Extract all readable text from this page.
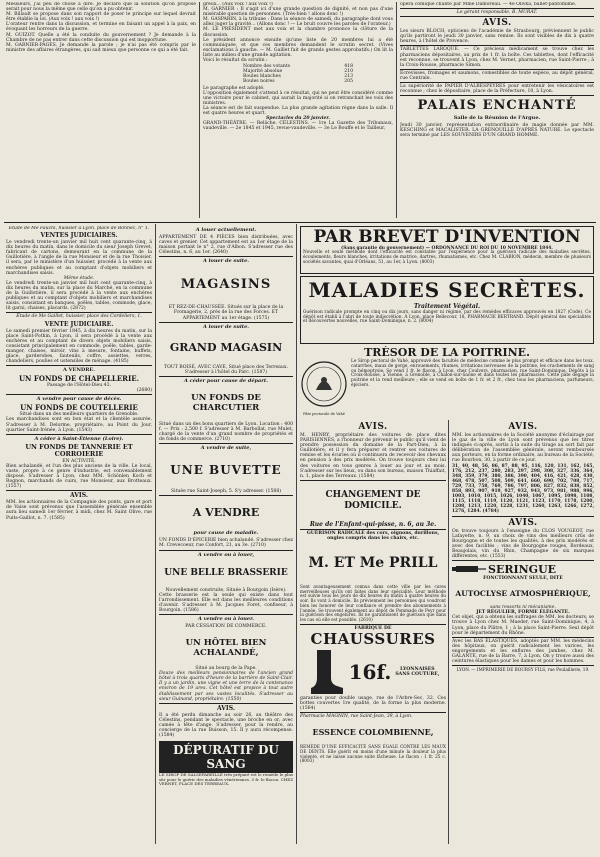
Messieurs, j'ai peu de chose à dire. Je déclare que la solution qu'on propose serait pour nous la même que celle qu'on a pu obtenir.

M. Billault se propose dans son rapport de poser le principe sur lequel devrait être établie la loi. (Aux voix ! aux voix !)

L'orateur rentre dans la discussion, et termine en faisant un appel à la paix, en évoquant les horreurs de la guerre.

M. GUIZOT. Quelle a été la conduite du gouvernement ? Je demande à la Chambre de ne pas entrer dans cette discussion qui est inopportune.

M. GARNIER-PAGÈS. Je demande la parole ; je n'ai pas été compris par le ministre des affaires étrangères, qui sait mieux que personne ce qui a été fait.

greux... (Aux voix ! aux voix !)

M. GARNIER : Il s'agit ici d'une grande question de dignité, et non pas d'une misérable question de personnes. (Très-bien ! allons donc !)

M. GASPARIN, à la tribune : Dans la séance de samedi, du paragraphe dont vous allez juger la gravité... (Allons donc ! — Le bruit couvre les paroles de l'orateur.)

M. LE PRÉSIDENT met aux voix et la chambre prononce la clôture de la discussion.

Le président annonce ensuite qu'une liste de 20 membres lui a été communiquée, et que ces membres demandent le scrutin secret. (Vives exclamations à gauche. — M. Gaillet fait de grands gestes approbatifs.) On lit la liste au milieu d'une grande agitation.

Voici le résultat du scrutin :

Nombre des votants	418
Majorité absolue	210
Boules blanches	213
Boules noires	205

Le paragraphe est adopté.

L'opposition également s'attend à ce résultat, qui ne peut être considéré comme une victoire pour le cabinet, qui aurait la majorité si on retranchait les voix des ministres.

La séance est de fait suspendue. La plus grande agitation règne dans la salle. Il est quatre heures et quart.

Spectacles du 20 janvier.

GRAND-THÉÂTRE. — Relâche. CÉLESTINS. — 1re La Gazette des Tribunaux, vaudeville. — 2e 1845 et 1945, revue-vaudeville. — 3e Le Bouffe et le Tailleur,

opéra comique chanté par Mme Damoreau. — 4e Olivka, ballet-pantomime.

Le gérant responsable, B. MURAT.

AVIS.

Les sieurs BLOCH, opticiens de l'académie de Strasbourg, préviennent le public qu'ils partiront le jeudi 30 janvier, sans remise. Ils sont visibles de dix à quatre heures, à l'hôtel de Provence.

TABLETTES LAROQUE. — Ce précieux médicament se trouve chez les pharmaciens dépositaires, au prix de 1 fr. la boîte. Ces tablettes, dont l'efficacité est reconnue, se trouvent à Lyon, chez M. Vernet, pharmacien, rue Saint-Pierre ; à la Croix-Rousse, pharmacie Simon.

Écrevisses, fromages et saumons, comestibles de toute espèce, au dépôt général, rue Centrale.

La supériorité de PAPIER D'ALBESPEYRES pour entretenir les vésicatoires est reconnue ; chez le dépositaire, place de la Préfecture, 10, à Lyon.

PALAIS ENCHANTÉ

Salle de la Réunion de l'Argue.

Jeudi 30 janvier, représentation extraordinaire de magie donnée par MM. KESCHING et MACALISTER. LA GRENOUILLE D'APRÈS NATURE. Le spectacle sera terminé par LES SOUVENIRS D'UN GRAND HOMME.

Étude de Me Fauchi, huissier à Lyon, place de Bonnec, n° 1.

VENTES JUDICIAIRES.

Le vendredi trente-un janvier mil huit cent quarante-cinq, à dix heures du matin, dans le domicile du sieur Joseph Grevet, fabricant de cartons, demeurant en la commune de la Guillotière, à l'angle de la rue Monsieur et de la rue Thoisier, il sera, par le ministère d'un huissier, procédé à la vente aux enchères publiques et au comptant d'objets mobiliers et marchandises saisis.

Même étude.

Le vendredi trente-un janvier mil huit cent quarante-cinq, à dix heures du matin, sur la place du Marché, en la commune de la Guillotière, il sera procédé à la vente aux enchères publiques et au comptant d'objets mobiliers et marchandises saisis, consistant en banques, poêles, tables, commode, glace, lit garni, chaises, placards. (2872)

Étude de Me Gaillet, huissier, place des Cordeliers, 1.

VENTE JUDICIAIRE.

Le samedi premier février 1845, à dix heures du matin, sur la place Saint-Pothin, à Lyon, il sera procédé à la vente aux enchères et au comptant de divers objets mobiliers saisis, consistant principalement en commode, poêle, tables, garde-manger, chaises, miroir, vins à mesure, fontaine, buffets, glace, garderobes, fauteuils, coffre, assiettes, verres, chandeliers, poulies et ustensiles de ménage. (4185)

A VENDRE.

UN FONDS DE CHAPELLERIE.

Passage de l'Hôtel-Dieu 43.

(2680)

A vendre pour cause de décès.

UN FONDS DE COUTELLERIE

Situé dans un des meilleurs quartiers de Grenoble.

Les marchandises sont en bon état et la clientèle assurée. S'adresser à M. Delorme, propriétaire, au Point du Jour, quartier Saint-Irénée, à Lyon. (1543)

A céder à Saint-Étienne (Loire).

UN FONDS DE TANNERIE ET CORROIERIE

EN ACTIVITÉ.

Bien achalandé, et l'un des plus anciens de la ville. Le local, vaste, propre à ce genre d'industrie, est convenablement disposé. S'adresser à Lyon, chez MM. Schönlen Koch et Rognon, marchands de cuirs, rue Monsieur, aux Brotteaux. (1557)

AVIS.

MM. les actionnaires de la Compagnie des ponts, gare et port de Vaise sont prévenus que l'assemblée générale ensemble aura lieu samedi 1er février, à midi, chez M. Saint Olive, rue Puits-Gaillot, n. 7. (1585)

A louer actuellement.

APPARTEMENT DE 4 PIÈCES bien distribuées, avec caves et grenier. Cet appartement est au 1er étage de la maison portant le n° 2, rue d'Albon. S'adresser rue des Célestins, n. 6, au 1er. (2640)

A louer de suite.

MAGASINS

ET REZ-DE-CHAUSSÉE. Situés sur la place de la Fromagerie, 2, près de la rue des Forces. ET APPARTEMENT au 1er étage. (1575)

A louer de suite.

GRAND MAGASIN

TOUT BOISÉ, AVEC CAVE, Situé place des Terreaux. S'adresser à l'hôtel du Parc. (1587)

A céder pour cause de départ.

UN FONDS DE CHARCUTIER

Situé dans un des bons quartiers de Lyon. Location : 400 f. — Prix : 2,500 f. S'adresser à M. Barbollat, rue Mulet, chargé de la vente d'un grand nombre de propriétés et de fonds de commerce. (2710)

A vendre de suite,

UNE BUVETTE

Située rue Saint-Joseph, 5. S'y adresser. (1588)

A VENDRE

pour cause de maladie.

UN FONDS D'ÉPICERIE bien achalandé. S'adresser chez M. Crevecoeur, rue Confort, 21, au 3e. (2710)

A vendre ou à louer,

UNE BELLE BRASSERIE

Nouvellement construite, Située à Bourgoin (Isère).

Cette brasserie est la seule qui existe dans tout l'arrondissement. Elle est dans les meilleures conditions d'avenir. S'adresser à M. Jacques Foret, confiseur, à Bourgoin. (1586)

A vendre ou à louer.

PAR CESSATION DE COMMERCE.

UN HÔTEL BIEN ACHALANDÉ,

Situé au bourg de la Pape.

Douze des meilleurs pensionnaires de l'ancien grand hôtel à trois quarts d'heure de la barrière de Saint-Clair. Il y a un jardin, une vigne et une terre de la contenance environ de 19 ares. Cet hôtel est propice à tout autre établissement par ses vastes localités. S'adresser au sieur Guinand, propriétaire. (1550)

AVIS.

Il a été perdu dimanche au soir 26, au théâtre des Célestins, pendant le spectacle, une broche en or, avec camée à tête d'ange. S'adresser, pour la rendre, au concierge de la rue Buisson, 15. Il y aura récompense. (1584)

DÉPURATIF DU SANG

LE SIROP DE SALSEPAREILLE très préparé est le remède le plus sûr pour le guérir des maladies vénériennes. 5 fr. le flacon. CHEZ VERNET, PLACE DES TERREAUX.

PAR BREVET D'INVENTION

(Sans garantie du gouvernement) — ORDONNANCE DU ROI DU 10 NOVEMBRE 1844.

Nouvelle et seule méthode dont l'efficacité est constatée par l'expérience pour la guérison radicale des maladies secrètes, écoulements, fleurs blanches, irritations de matrice, dartres, rhumatismes, etc. Chez M. CLABION, médecin, membre de plusieurs sociétés savantes, quai d'Orléans, 51, au 1er, à Lyon. (8003)

MALADIES SECRÈTES.

Traitement Végétal.

Guérison radicale prompte en cinq ou dix jours, sans danger ni régime, par des remèdes efficaces approuvés en 1827 (Code). Ce dépôt est établi à l'abri de toute indiscrétion. À Lyon, place Bellecour, 18, PHARMACIE BERTRAND. Dépôt général des spécialités et découvertes nouvelles, rue Saint-Dominique, n. 2. (8004)

TRÉSOR DE LA POITRINE.

Pâte pectorale de Vahé

Le Sirop pectoral de Vahé, approuvé des facultés de médecine comme le plus prompt et efficace dans les toux, catarrhes, maux de gorge, enrouements, rhumes, irritations nerveuses de la poitrine, les crachements de sang ou hémoptysie. Se vend 1 fr. le flacon, à Lyon, chez Coulvers, pharmacien, rue Saint-Dominique. Dépôts à la Croix-Rousse, à Vienne, à Grenoble, à Chalon-sur-Saône et dans toutes les pharmacies. Cette pâte dégage la poitrine et la rend meilleure ; elle se vend en boîte de 1 fr. et 2 fr., chez tous les pharmaciens, parfumeurs, épiciers.

AVIS.

M. HENRY, propriétaire des voitures de place dites PARISIENNES, a l'honneur de prévenir le public qu'il vient de prendre possession du domaine de la Part-Dieu, à la Guillotière, et il y fera préparer et rentrer ses voitures de remise et les écuries où il continuera de recevoir des chevaux en pension à des prix modérés. On trouve toujours chez lui des voitures en tous genres à louer au jour et au mois. S'adresser sur les lieux, ou dans son bureau, maison Thiaffait, n. 1, place des Terreaux. (1584)

CHANGEMENT DE DOMICILE.

Rue de l'Enfant-qui-pisse, n. 6, au 3e.

GUÉRISON RADICALE des cors, oignons, durillons, ongles compris dans les chairs, etc.

M. ET Me PRILL

Sont avantageusement connus dans cette ville par les cures merveilleuses qu'ils ont faites dans leur spécialité. Leur méthode est suivie tous les jours de dix heures du matin à quatre heures du soir. Ils vont à domicile. Ils préviennent les personnes qui voudront bien les honorer de leur confiance et prendre des abonnements à l'année. Se trouvent également au dépôt de Pommade de Peyr pour la guérison des engelures. Ils ne garantissent de guérison que dans les cas où elle est possible. (2610)

FABRIQUE DE

CHAUSSURES

16f.	LYONNAISES

SANS COUTURE,

garanties pour double usage, rue de l'Arbre-Sec, 32. Ces bottes couvertes 1re qualité, de la forme la plus moderne. (1564)

Pharmacie MAGNIN, rue Saint-Jean, 39, à Lyon.

ESSENCE COLOMBIENNE,

REMÈDE D'UNE EFFICACITÉ SANS ÉGALE CONTRE LES MAUX DE DENTS. Elle guérit en moins d'une minute la douleur la plus violente, et ne laisse aucune suite fâcheuse. Le flacon : 1 fr. 25 c. (8003)

AVIS.

MM. les actionnaires de la Société anonyme d'éclairage par le gaz de la ville de Lyon sont prévenus que les titres indiqués ci-après, sortis à la suite du tirage au sort fait par délibération de l'assemblée générale, seront remboursés aux porteurs, en la forme ordinaire, au bureau de la Société, rue Bourbon, 30, à partir de ce jour.

31, 40, 48, 56, 86, 87, 88, 95, 116, 120, 131, 162, 165, 176, 212, 237, 280, 283, 297, 298, 308, 327, 336, 364, 348, 359, 379, 380, 386, 390, 404, 416, 421, 428, 430, 468, 478, 507, 508, 509, 641, 660, 690, 702, 708, 717, 729, 733, 758, 769, 786, 797, 806, 827, 832, 838, 852, 858, 893, 907, 919, 927, 932, 943, 973, 981, 988, 996, 1003, 1010, 1015, 1026, 1040, 1067, 1095, 1098, 1108, 1115, 1118, 1119, 1120, 1121, 1123, 1170, 1178, 1200, 1208, 1213, 1220, 1228, 1231, 1260, 1263, 1266, 1272, 1276, 1284. (4784)

AVIS.

On trouve toujours à l'enseigne du CLOS VOUGEOT, rue Lafayette, n. 9, un choix de vins des meilleurs crûs de Bourgogne et de toutes les qualités, à des prix modérés et avec des facilités ; vins de Bourgogne rouges, Bordeaux, Beaujolais, vin du Rhin, Champagne de six marques différentes, etc. (1553)

SERINGUE

FONCTIONNANT SEULE, DITE

AUTOCLYSE ATMOSPHÉRIQUE,

sans ressorts ni mécanisme.

JET RÉGULIER, FORME ÉLÉGANTE.

Cet objet, qui a obtenu les suffrages de MM. les docteurs, se trouve à Lyon chez M. Maeder, rue Saint-Dominique, 4, à Lyon, place du Plâtre, 1 ; à la place Saint-Pierre. Seul dépôt pour le département du Rhône.

Avec les BAS ÉLASTIQUES, adoptés par MM. les médecins des hôpitaux, on guérit radicalement les varices, les engorgements et les enflures des jambes, chez M. GALANTE, rue de la Barre, 7, à Lyon. On y trouve aussi des ceintures élastiques pour les dames et pour les hommes.

LYON. — IMPRIMERIE DE BOURSY FILS, rue Poulaillerie, 19.
